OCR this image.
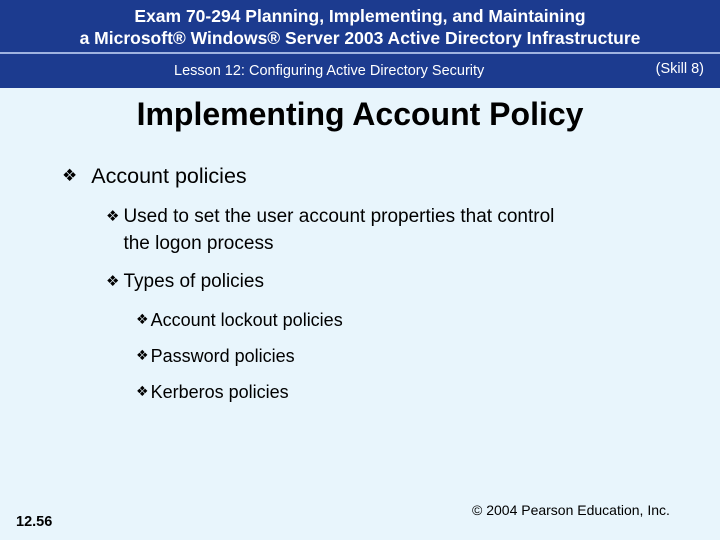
Exam 70-294 Planning, Implementing, and Maintaining
a Microsoft® Windows® Server 2003 Active Directory Infrastructure
Lesson 12: Configuring Active Directory Security	(Skill 8)
Implementing Account Policy
❖ Account policies
❖ Used to set the user account properties that control the logon process
❖ Types of policies
❖ Account lockout policies
❖ Password policies
❖ Kerberos policies
12.56
© 2004 Pearson Education, Inc.
